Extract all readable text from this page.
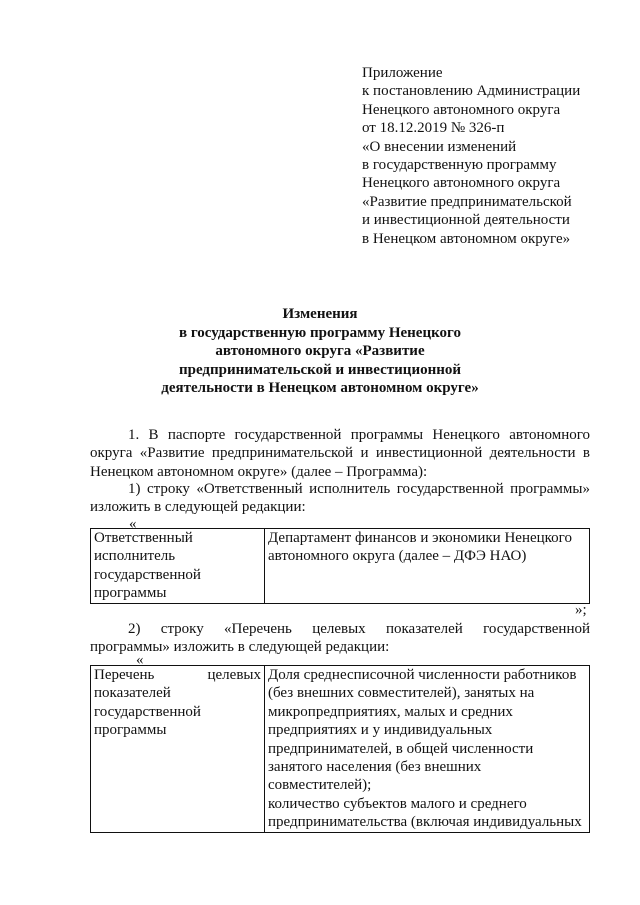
Приложение
к постановлению Администрации
Ненецкого автономного округа
от 18.12.2019 № 326-п
«О внесении изменений
в государственную программу
Ненецкого автономного округа
«Развитие предпринимательской
и инвестиционной деятельности
в Ненецком автономном округе»
Изменения
в государственную программу Ненецкого
автономного округа «Развитие
предпринимательской и инвестиционной
деятельности в Ненецком автономном округе»
1. В паспорте государственной программы Ненецкого автономного округа «Развитие предпринимательской и инвестиционной деятельности в Ненецком автономном округе» (далее – Программа):
1) строку «Ответственный исполнитель государственной программы» изложить в следующей редакции:
«
Ответственный
исполнитель
государственной
программы

Департамент финансов и экономики Ненецкого
автономного округа (далее – ДФЭ НАО)
»;
2) строку «Перечень целевых показателей государственной программы» изложить в следующей редакции:
«
Перечень	целевых
показателей
государственной
программы

Доля среднесписочной численности работников
(без внешних совместителей), занятых на
микропредприятиях, малых и средних
предприятиях и у индивидуальных
предпринимателей, в общей численности
занятого населения (без внешних
совместителей);
количество субъектов малого и среднего
предпринимательства (включая индивидуальных
